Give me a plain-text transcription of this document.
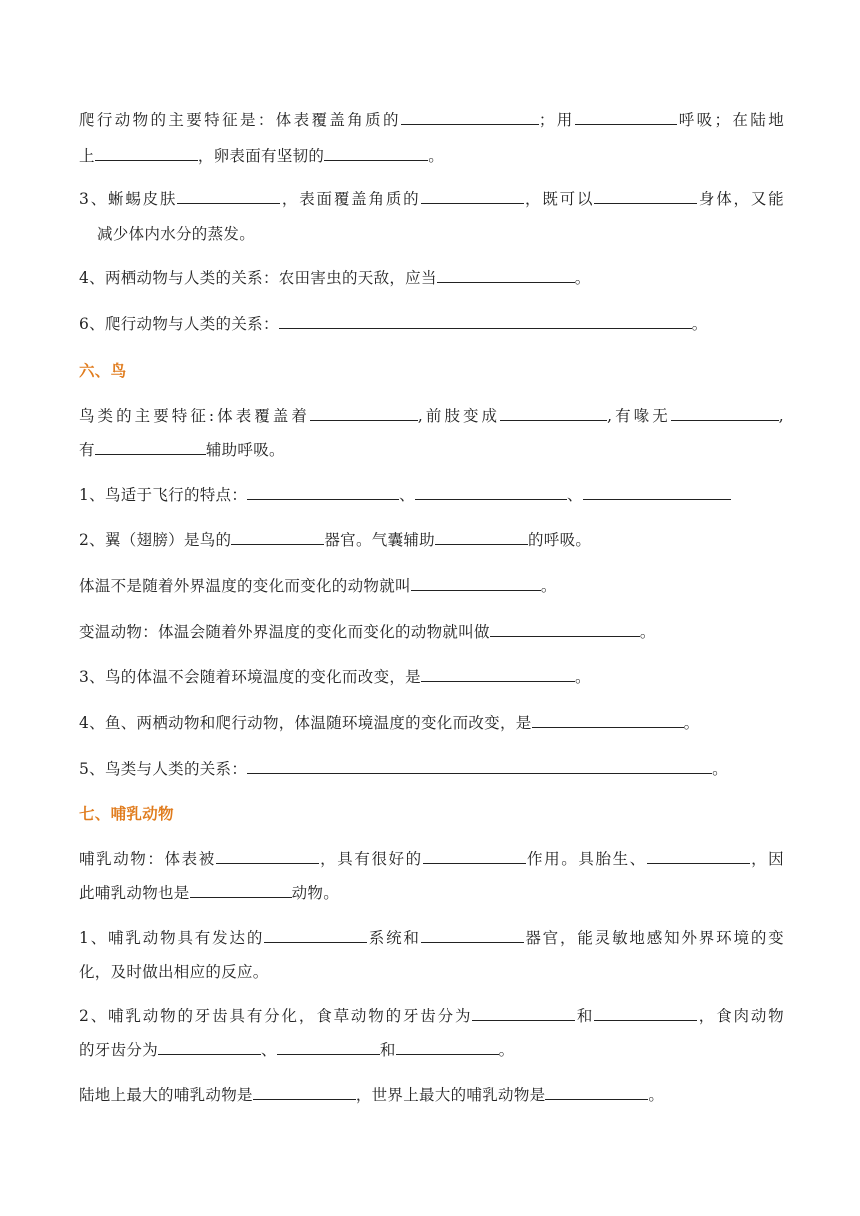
爬行动物的主要特征是：体表覆盖角质的	；用	呼吸；在陆地

上	，卵表面有坚韧的	。

3、蜥蜴皮肤	，表面覆盖角质的	，既可以	身体，又能

减少体内水分的蒸发。

4、两栖动物与人类的关系：农田害虫的天敌，应当	。

6、爬行动物与人类的关系：	。

六、鸟

鸟类的主要特征:体表覆盖着	,前肢变成	,有喙无	,

有	辅助呼吸。

1、鸟适于飞行的特点：	、	、

2、翼（翅膀）是鸟的	器官。气囊辅助	的呼吸。

体温不是随着外界温度的变化而变化的动物就叫	。

变温动物：体温会随着外界温度的变化而变化的动物就叫做	。

3、鸟的体温不会随着环境温度的变化而改变，是	。

4、鱼、两栖动物和爬行动物，体温随环境温度的变化而改变，是	。

5、鸟类与人类的关系：	。

七、哺乳动物

哺乳动物：体表被	，具有很好的	作用。具胎生、	，因

此哺乳动物也是	动物。

1、哺乳动物具有发达的	系统和	器官，能灵敏地感知外界环境的变

化，及时做出相应的反应。

2、哺乳动物的牙齿具有分化，食草动物的牙齿分为	和	，食肉动物

的牙齿分为	、	和	。

陆地上最大的哺乳动物是	，世界上最大的哺乳动物是	。
